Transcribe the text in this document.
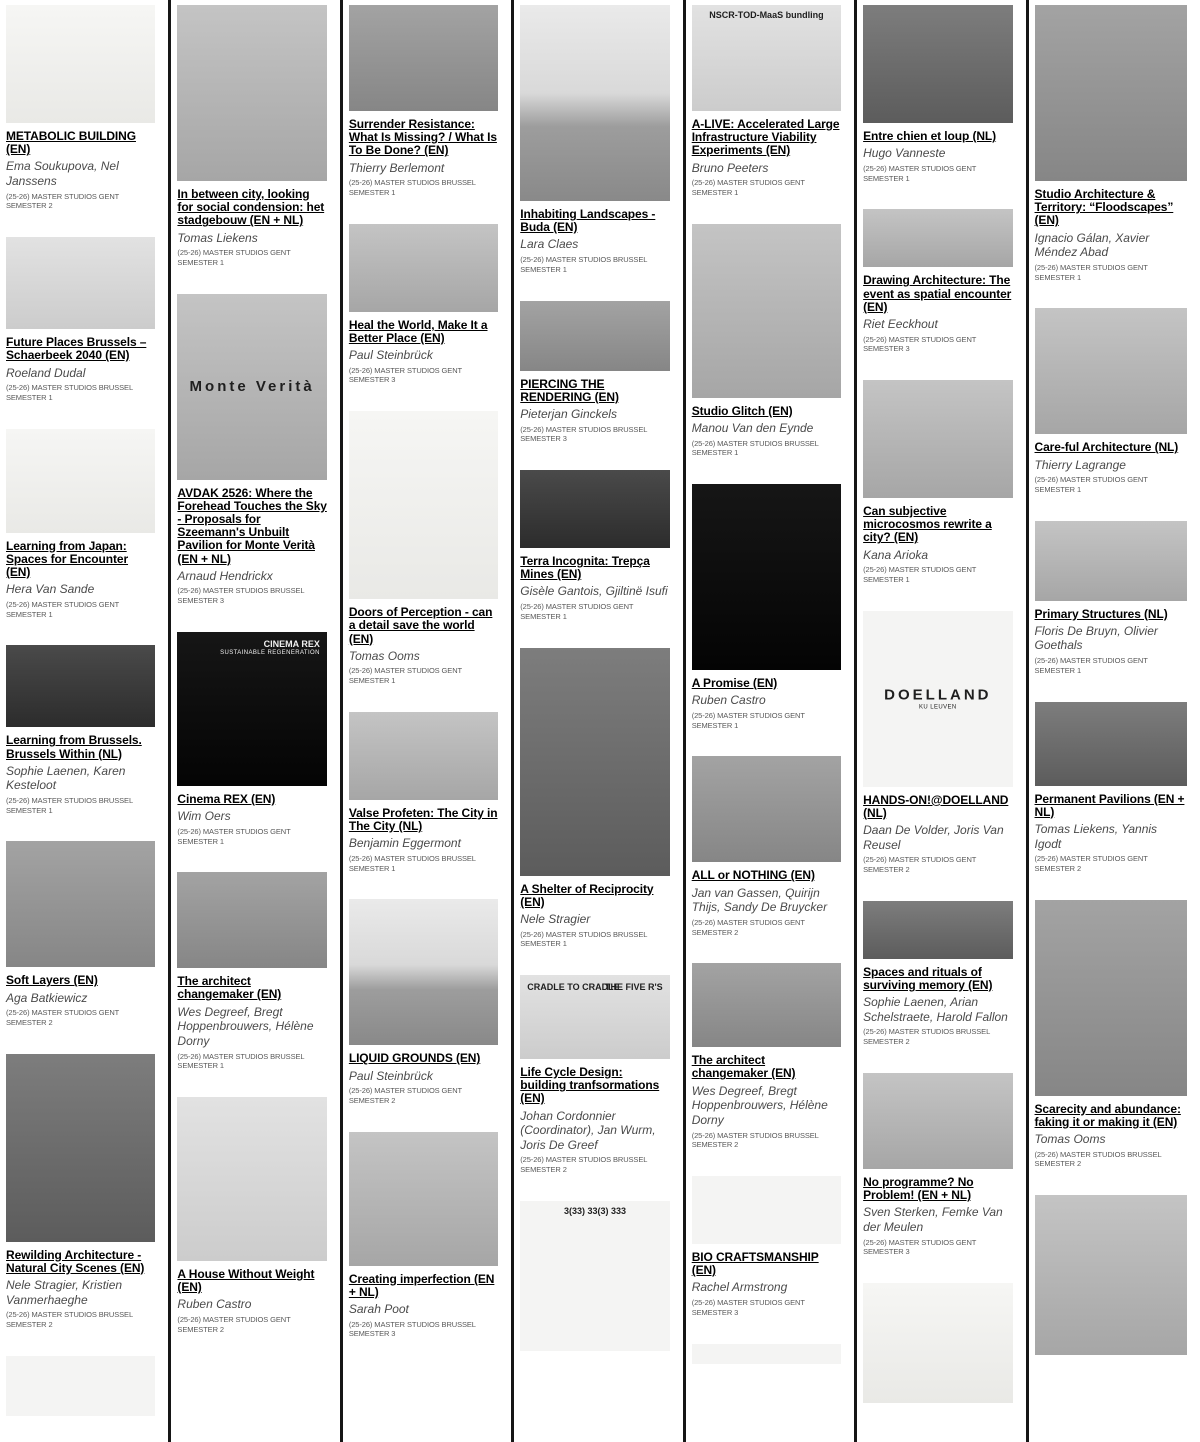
METABOLIC BUILDING (EN)

Ema Soukupova, Nel Janssens

(25-26) MASTER STUDIOS GENT SEMESTER 2

Future Places Brussels – Schaerbeek 2040 (EN)

Roeland Dudal

(25-26) MASTER STUDIOS BRUSSEL SEMESTER 1

Learning from Japan: Spaces for Encounter (EN)

Hera Van Sande

(25-26) MASTER STUDIOS GENT SEMESTER 1

Learning from Brussels. Brussels Within (NL)

Sophie Laenen, Karen Kesteloot

(25-26) MASTER STUDIOS BRUSSEL SEMESTER 1

Soft Layers (EN)

Aga Batkiewicz

(25-26) MASTER STUDIOS GENT SEMESTER 2

Rewilding Architecture - Natural City Scenes (EN)

Nele Stragier, Kristien Vanmerhaeghe

(25-26) MASTER STUDIOS BRUSSEL SEMESTER 2

In between city, looking for social condension: het stadgebouw (EN + NL)

Tomas Liekens

(25-26) MASTER STUDIOS GENT SEMESTER 1

Monte Verità
AVDAK 2526: Where the Forehead Touches the Sky - Proposals for Szeemann's Unbuilt Pavilion for Monte Verità (EN + NL)

Arnaud Hendrickx

(25-26) MASTER STUDIOS BRUSSEL SEMESTER 3

CINEMA REX
SUSTAINABLE REGENERATION
Cinema REX (EN)

Wim Oers

(25-26) MASTER STUDIOS GENT SEMESTER 1

The architect changemaker (EN)

Wes Degreef, Bregt Hoppenbrouwers, Hélène Dorny

(25-26) MASTER STUDIOS BRUSSEL SEMESTER 1

A House Without Weight (EN)

Ruben Castro

(25-26) MASTER STUDIOS GENT SEMESTER 2

Surrender Resistance: What Is Missing? / What Is To Be Done? (EN)

Thierry Berlemont

(25-26) MASTER STUDIOS BRUSSEL SEMESTER 1

Heal the World, Make It a Better Place (EN)

Paul Steinbrück

(25-26) MASTER STUDIOS GENT SEMESTER 3

Doors of Perception - can a detail save the world (EN)

Tomas Ooms

(25-26) MASTER STUDIOS GENT SEMESTER 1

Valse Profeten: The City in The City (NL)

Benjamin Eggermont

(25-26) MASTER STUDIOS BRUSSEL SEMESTER 1

LIQUID GROUNDS (EN)

Paul Steinbrück

(25-26) MASTER STUDIOS GENT SEMESTER 2

Creating imperfection (EN + NL)

Sarah Poot

(25-26) MASTER STUDIOS BRUSSEL SEMESTER 3

Inhabiting Landscapes - Buda (EN)

Lara Claes

(25-26) MASTER STUDIOS BRUSSEL SEMESTER 1

PIERCING THE RENDERING (EN)

Pieterjan Ginckels

(25-26) MASTER STUDIOS BRUSSEL SEMESTER 3

Terra Incognita: Trepça Mines (EN)

Gisèle Gantois, Gjiltinë Isufi

(25-26) MASTER STUDIOS GENT SEMESTER 1

A Shelter of Reciprocity (EN)

Nele Stragier

(25-26) MASTER STUDIOS BRUSSEL SEMESTER 1

CRADLE TO CRADLE
THE FIVE R'S
Life Cycle Design: building tranfsormations (EN)

Johan Cordonnier (Coordinator), Jan Wurm, Joris De Greef

(25-26) MASTER STUDIOS BRUSSEL SEMESTER 2

3(33) 33(3) 333
NSCR-TOD-MaaS bundling
A-LIVE: Accelerated Large Infrastructure Viability Experiments (EN)

Bruno Peeters

(25-26) MASTER STUDIOS GENT SEMESTER 1

Studio Glitch (EN)

Manou Van den Eynde

(25-26) MASTER STUDIOS BRUSSEL SEMESTER 1

A Promise (EN)

Ruben Castro

(25-26) MASTER STUDIOS GENT SEMESTER 1

ALL or NOTHING (EN)

Jan van Gassen, Quirijn Thijs, Sandy De Bruycker

(25-26) MASTER STUDIOS GENT SEMESTER 2

The architect changemaker (EN)

Wes Degreef, Bregt Hoppenbrouwers, Hélène Dorny

(25-26) MASTER STUDIOS BRUSSEL SEMESTER 2

BIO CRAFTSMANSHIP (EN)

Rachel Armstrong

(25-26) MASTER STUDIOS GENT SEMESTER 3

Entre chien et loup (NL)

Hugo Vanneste

(25-26) MASTER STUDIOS GENT SEMESTER 1

Drawing Architecture: The event as spatial encounter (EN)

Riet Eeckhout

(25-26) MASTER STUDIOS GENT SEMESTER 3

Can subjective microcosmos rewrite a city? (EN)

Kana Arioka

(25-26) MASTER STUDIOS GENT SEMESTER 1

DOELLAND
KU LEUVEN
HANDS-ON!@DOELLAND (NL)

Daan De Volder, Joris Van Reusel

(25-26) MASTER STUDIOS GENT SEMESTER 2

Spaces and rituals of surviving memory (EN)

Sophie Laenen, Arian Schelstraete, Harold Fallon

(25-26) MASTER STUDIOS BRUSSEL SEMESTER 2

No programme? No Problem! (EN + NL)

Sven Sterken, Femke Van der Meulen

(25-26) MASTER STUDIOS GENT SEMESTER 3

Studio Architecture & Territory: “Floodscapes” (EN)

Ignacio Gálan, Xavier Méndez Abad

(25-26) MASTER STUDIOS GENT SEMESTER 1

Care-ful Architecture (NL)

Thierry Lagrange

(25-26) MASTER STUDIOS GENT SEMESTER 1

Primary Structures (NL)

Floris De Bruyn, Olivier Goethals

(25-26) MASTER STUDIOS GENT SEMESTER 1

Permanent Pavilions (EN + NL)

Tomas Liekens, Yannis Igodt

(25-26) MASTER STUDIOS GENT SEMESTER 2

Scarecity and abundance: faking it or making it (EN)

Tomas Ooms

(25-26) MASTER STUDIOS BRUSSEL SEMESTER 2
